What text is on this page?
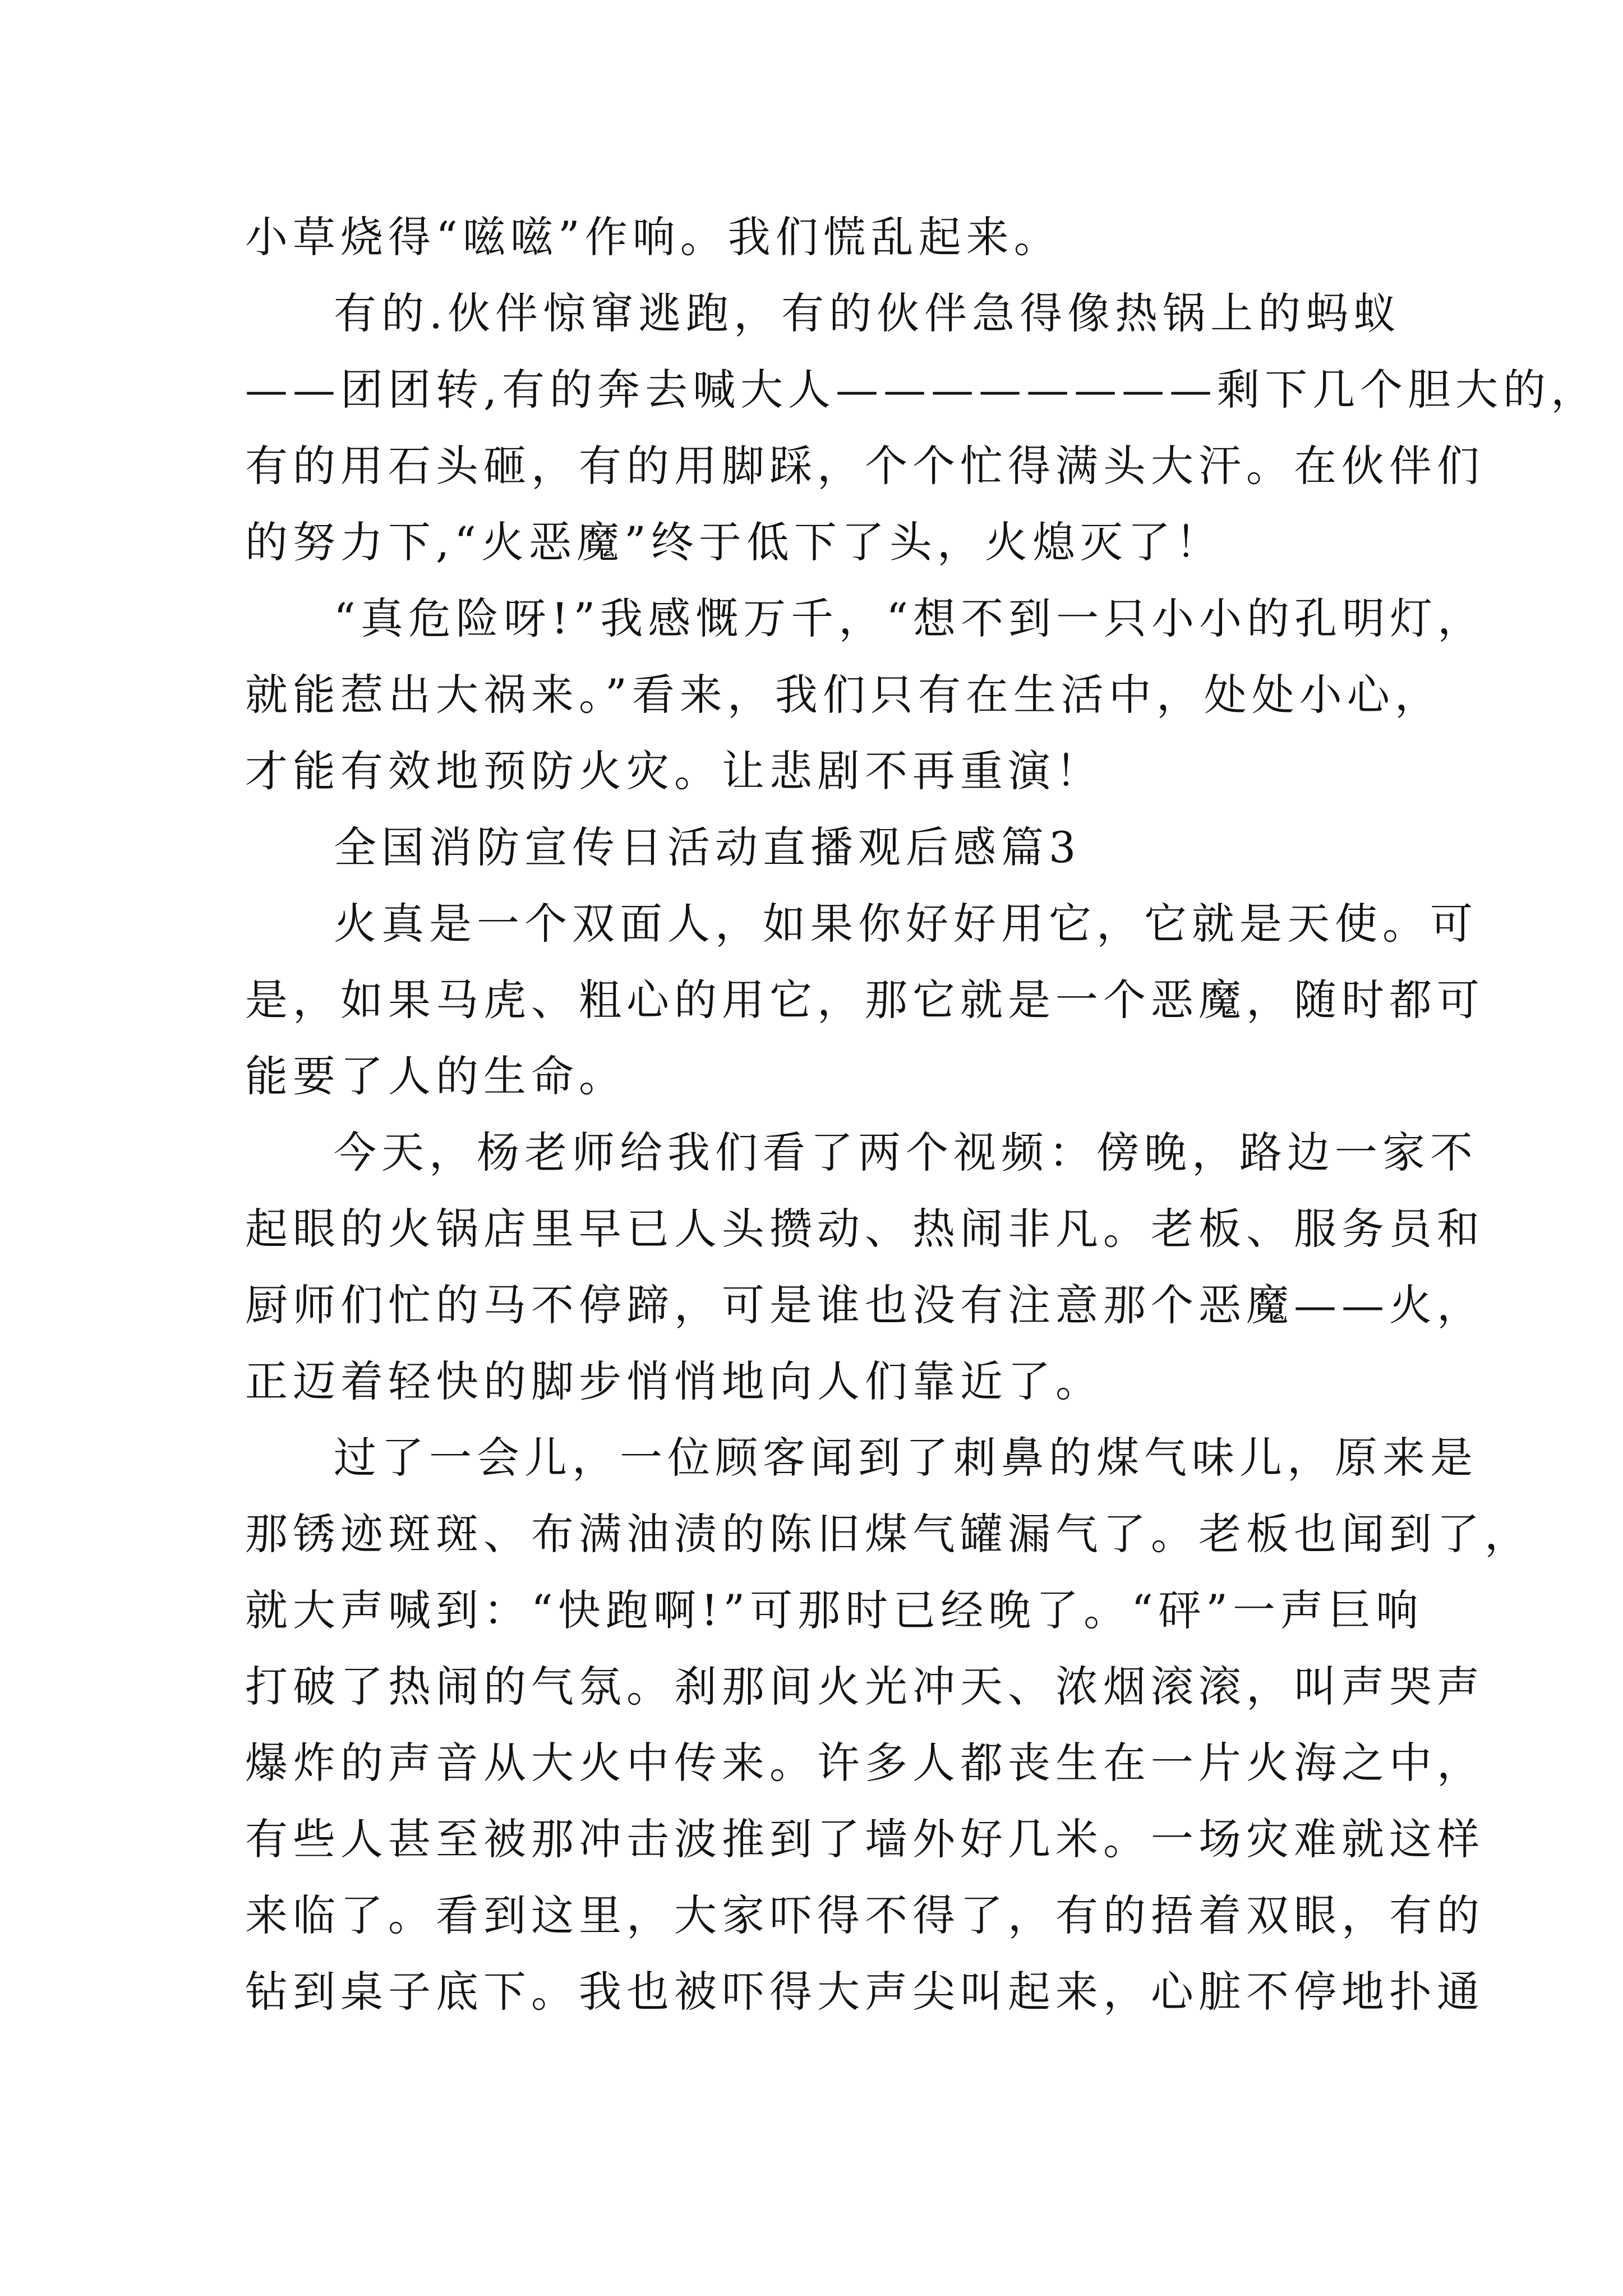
小草烧得“嗞嗞”作响。我们慌乱起来。
有的.伙伴惊窜逃跑，有的伙伴急得像热锅上的蚂蚁
——团团转,有的奔去喊大人————————剩下几个胆大的，
有的用石头砸，有的用脚踩，个个忙得满头大汗。在伙伴们
的努力下,“火恶魔”终于低下了头，火熄灭了！
“真危险呀!”我感慨万千，“想不到一只小小的孔明灯，
就能惹出大祸来。”看来，我们只有在生活中，处处小心，
才能有效地预防火灾。让悲剧不再重演！
全国消防宣传日活动直播观后感篇3
火真是一个双面人，如果你好好用它，它就是天使。可
是，如果马虎、粗心的用它，那它就是一个恶魔，随时都可
能要了人的生命。
今天，杨老师给我们看了两个视频：傍晚，路边一家不
起眼的火锅店里早已人头攒动、热闹非凡。老板、服务员和
厨师们忙的马不停蹄，可是谁也没有注意那个恶魔——火，
正迈着轻快的脚步悄悄地向人们靠近了。
过了一会儿，一位顾客闻到了刺鼻的煤气味儿，原来是
那锈迹斑斑、布满油渍的陈旧煤气罐漏气了。老板也闻到了，
就大声喊到：“快跑啊!”可那时已经晚了。“砰”一声巨响
打破了热闹的气氛。刹那间火光冲天、浓烟滚滚，叫声哭声
爆炸的声音从大火中传来。许多人都丧生在一片火海之中，
有些人甚至被那冲击波推到了墙外好几米。一场灾难就这样
来临了。看到这里，大家吓得不得了，有的捂着双眼，有的
钻到桌子底下。我也被吓得大声尖叫起来，心脏不停地扑通
